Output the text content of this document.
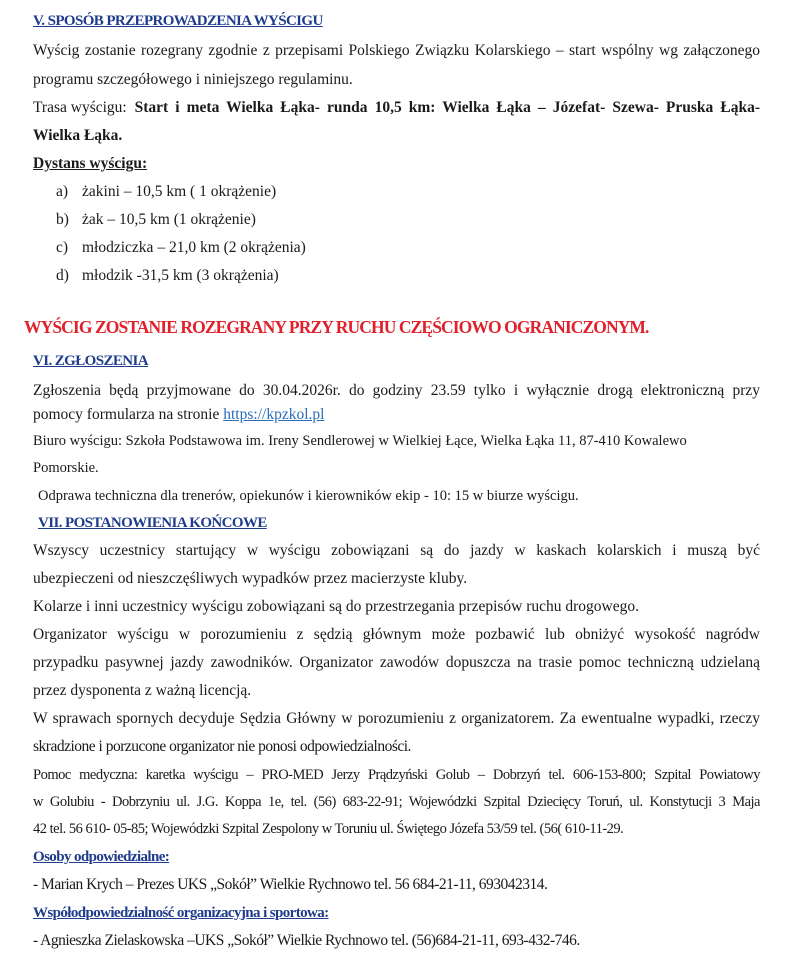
V. SPOSÓB PRZEPROWADZENIA WYŚCIGU
Wyścig zostanie rozegrany zgodnie z przepisami Polskiego Związku Kolarskiego – start wspólny wg załączonego
programu szczegółowego i niniejszego regulaminu.
Trasa wyścigu: Start i meta Wielka Łąka- runda 10,5 km: Wielka Łąka – Józefat- Szewa- Pruska Łąka-
Wielka Łąka.
Dystans wyścigu:
a) żakini – 10,5 km ( 1 okrążenie)
b) żak – 10,5 km (1 okrążenie)
c) młodziczka – 21,0 km (2 okrążenia)
d) młodzik -31,5 km (3 okrążenia)
WYŚCIG ZOSTANIE ROZEGRANY PRZY RUCHU CZĘŚCIOWO OGRANICZONYM.
VI. ZGŁOSZENIA
Zgłoszenia będą przyjmowane do 30.04.2026r. do godziny 23.59 tylko i wyłącznie drogą elektroniczną przy
pomocy formularza na stronie https://kpzkol.pl
Biuro wyścigu: Szkoła Podstawowa im. Ireny Sendlerowej w Wielkiej Łące, Wielka Łąka 11, 87-410 Kowalewo
Pomorskie.
Odprawa techniczna dla trenerów, opiekunów i kierowników ekip - 10: 15 w biurze wyścigu.
VII. POSTANOWIENIA KOŃCOWE
Wszyscy uczestnicy startujący w wyścigu zobowiązani są do jazdy w kaskach kolarskich i muszą być
ubezpieczeni od nieszczęśliwych wypadków przez macierzyste kluby.
Kolarze i inni uczestnicy wyścigu zobowiązani są do przestrzegania przepisów ruchu drogowego.
Organizator wyścigu w porozumieniu z sędzią głównym może pozbawić lub obniżyć wysokość nagródw
przypadku pasywnej jazdy zawodników. Organizator zawodów dopuszcza na trasie pomoc techniczną udzielaną
przez dysponenta z ważną licencją.
W sprawach spornych decyduje Sędzia Główny w porozumieniu z organizatorem. Za ewentualne wypadki, rzeczy
skradzione i porzucone organizator nie ponosi odpowiedzialności.
Pomoc medyczna: karetka wyścigu – PRO-MED Jerzy Prądzyński Golub – Dobrzyń tel. 606-153-800; Szpital Powiatowy
w Golubiu - Dobrzyniu ul. J.G. Koppa 1e, tel. (56) 683-22-91; Wojewódzki Szpital Dziecięcy Toruń, ul. Konstytucji 3 Maja
42 tel. 56 610- 05-85; Wojewódzki Szpital Zespolony w Toruniu ul. Świętego Józefa 53/59 tel. (56( 610-11-29.
Osoby odpowiedzialne:
- Marian Krych – Prezes UKS „Sokół” Wielkie Rychnowo tel. 56 684-21-11, 693042314.
Współodpowiedzialność organizacyjna i sportowa:
- Agnieszka Zielaskowska –UKS „Sokół” Wielkie Rychnowo tel. (56)684-21-11, 693-432-746.
